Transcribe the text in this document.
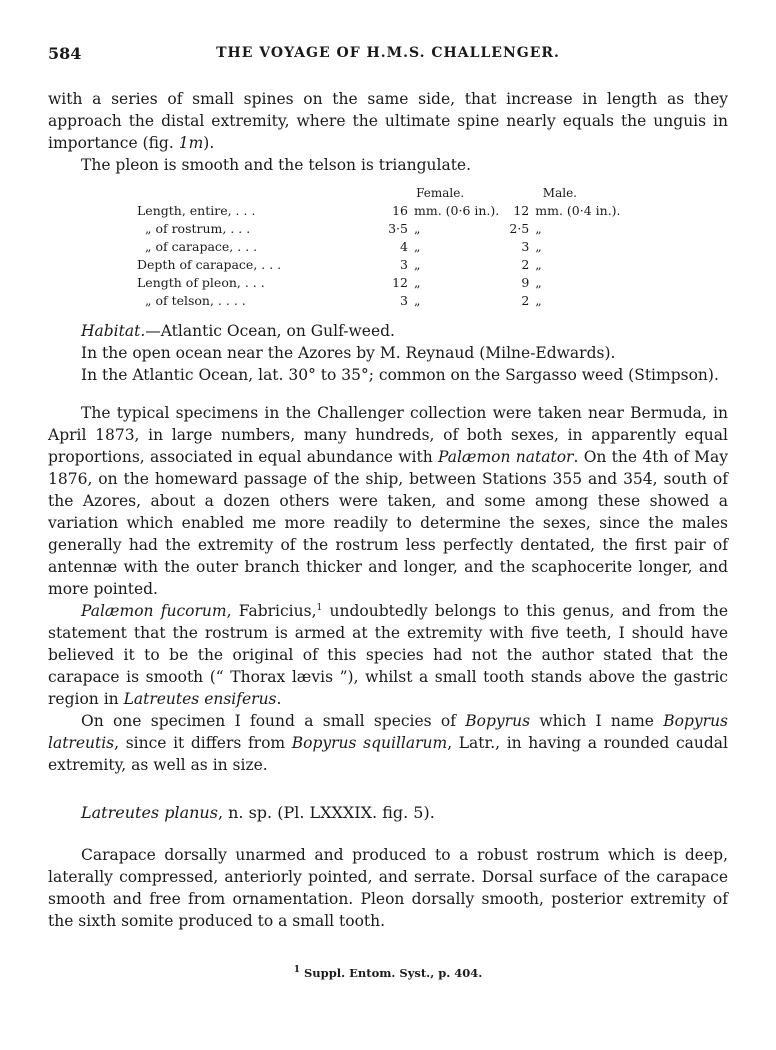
584	THE VOYAGE OF H.M.S. CHALLENGER.

with a series of small spines on the same side, that increase in length as they approach the distal extremity, where the ultimate spine nearly equals the unguis in importance (fig. 1m).

The pleon is smooth and the telson is triangulate.

	Female.		Male.	
Length, entire, . . .	16	mm. (0·6 in.).	12	mm. (0·4 in.).
„ of rostrum, . . .	3·5	„	2·5	„
„ of carapace, . . .	4	„	3	„
Depth of carapace, . . .	3	„	2	„
Length of pleon, . . .	12	„	9	„
„ of telson, . . . .	3	„	2	„

Habitat.—Atlantic Ocean, on Gulf-weed.

In the open ocean near the Azores by M. Reynaud (Milne-Edwards).

In the Atlantic Ocean, lat. 30° to 35°; common on the Sargasso weed (Stimpson).

The typical specimens in the Challenger collection were taken near Bermuda, in April 1873, in large numbers, many hundreds, of both sexes, in apparently equal proportions, associated in equal abundance with Palæmon natator. On the 4th of May 1876, on the homeward passage of the ship, between Stations 355 and 354, south of the Azores, about a dozen others were taken, and some among these showed a variation which enabled me more readily to determine the sexes, since the males generally had the extremity of the rostrum less perfectly dentated, the first pair of antennæ with the outer branch thicker and longer, and the scaphocerite longer, and more pointed.

Palæmon fucorum, Fabricius,$^1$ undoubtedly belongs to this genus, and from the statement that the rostrum is armed at the extremity with five teeth, I should have believed it to be the original of this species had not the author stated that the carapace is smooth (“ Thorax lævis ”), whilst a small tooth stands above the gastric region in Latreutes ensiferus.

On one specimen I found a small species of Bopyrus which I name Bopyrus latreutis, since it differs from Bopyrus squillarum, Latr., in having a rounded caudal extremity, as well as in size.

Latreutes planus, n. sp. (Pl. LXXXIX. fig. 5).

Carapace dorsally unarmed and produced to a robust rostrum which is deep, laterally compressed, anteriorly pointed, and serrate. Dorsal surface of the carapace smooth and free from ornamentation. Pleon dorsally smooth, posterior extremity of the sixth somite produced to a small tooth.

$^1$ Suppl. Entom. Syst., p. 404.
